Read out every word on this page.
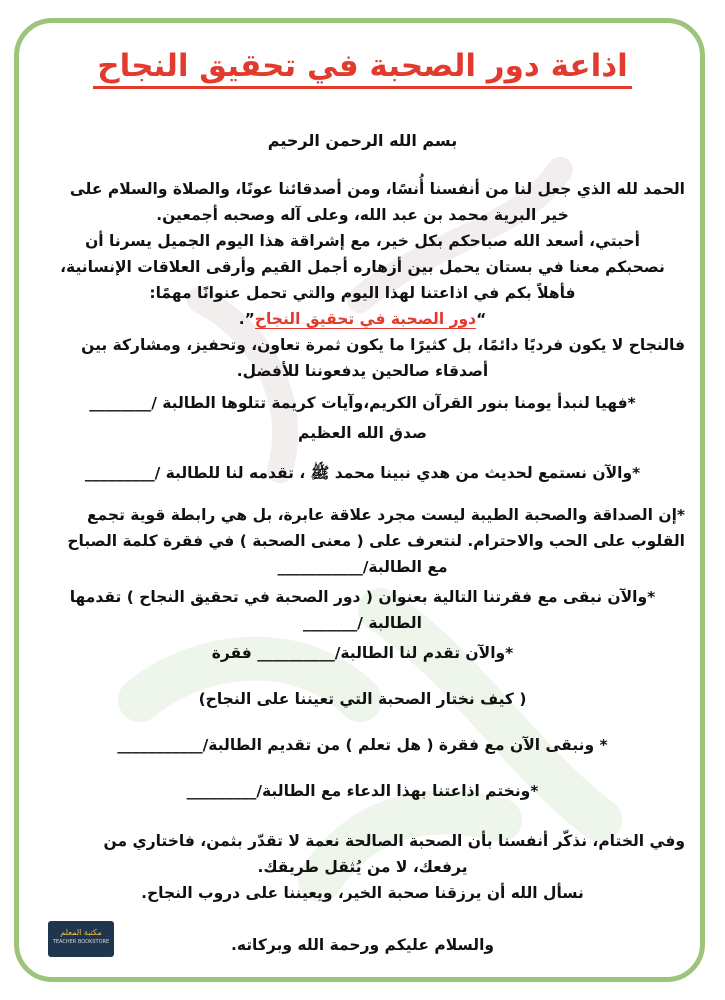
اذاعة دور الصحبة في تحقيق النجاح

بسم الله الرحمن الرحيم

الحمد لله الذي جعل لنا من أنفسنا أُنسًا، ومن أصدقائنا عونًا، والصلاة والسلام على

خير البرية محمد بن عبد الله، وعلى آله وصحبه أجمعين.

أحبتي، أسعد الله صباحكم بكل خير، مع إشراقة هذا اليوم الجميل يسرنا أن

نصحبكم معنا في بستان يحمل بين أزهاره أجمل القيم وأرقى العلاقات الإنسانية،

فأهلاً بكم في اذاعتنا لهذا اليوم والتي تحمل عنوانًا مهمًا:

“دور الصحبة في تحقيق النجاح”.

فالنجاح لا يكون فرديًا دائمًا، بل كثيرًا ما يكون ثمرة تعاون، وتحفيز، ومشاركة بين

أصدقاء صالحين يدفعوننا للأفضل.

*فهيا لنبدأ يومنا بنور القرآن الكريم،وآيات كريمة تتلوها الطالبة /________

صدق الله العظيم

*والآن نستمع لحديث من هدي نبينا محمد ﷺ ، تقدمه لنا للطالبة /_________

*إن الصداقة والصحبة الطيبة ليست مجرد علاقة عابرة، بل هي رابطة قوية تجمع

القلوب على الحب والاحترام. لنتعرف على ( معنى الصحبة ) في فقرة كلمة الصباح

مع الطالبة/___________

*والآن نبقى مع فقرتنا التالية بعنوان ( دور الصحبة في تحقيق النجاح ) تقدمها

الطالبة /_______

*والآن تقدم لنا الطالبة/__________ فقرة

( كيف نختار الصحبة التي تعيننا على النجاح)

* ونبقى الآن مع فقرة ( هل تعلم ) من تقديم الطالبة/___________

*ونختم اذاعتنا بهذا الدعاء مع الطالبة/_________

وفي الختام، نذكّر أنفسنا بأن الصحبة الصالحة نعمة لا تقدّر بثمن، فاختاري من

يرفعك، لا من يُثقل طريقك.

نسأل الله أن يرزقنا صحبة الخير، ويعيننا على دروب النجاح.

والسلام عليكم ورحمة الله وبركاته.

مكتبة المعلم
TEACHER BOOKSTORE
